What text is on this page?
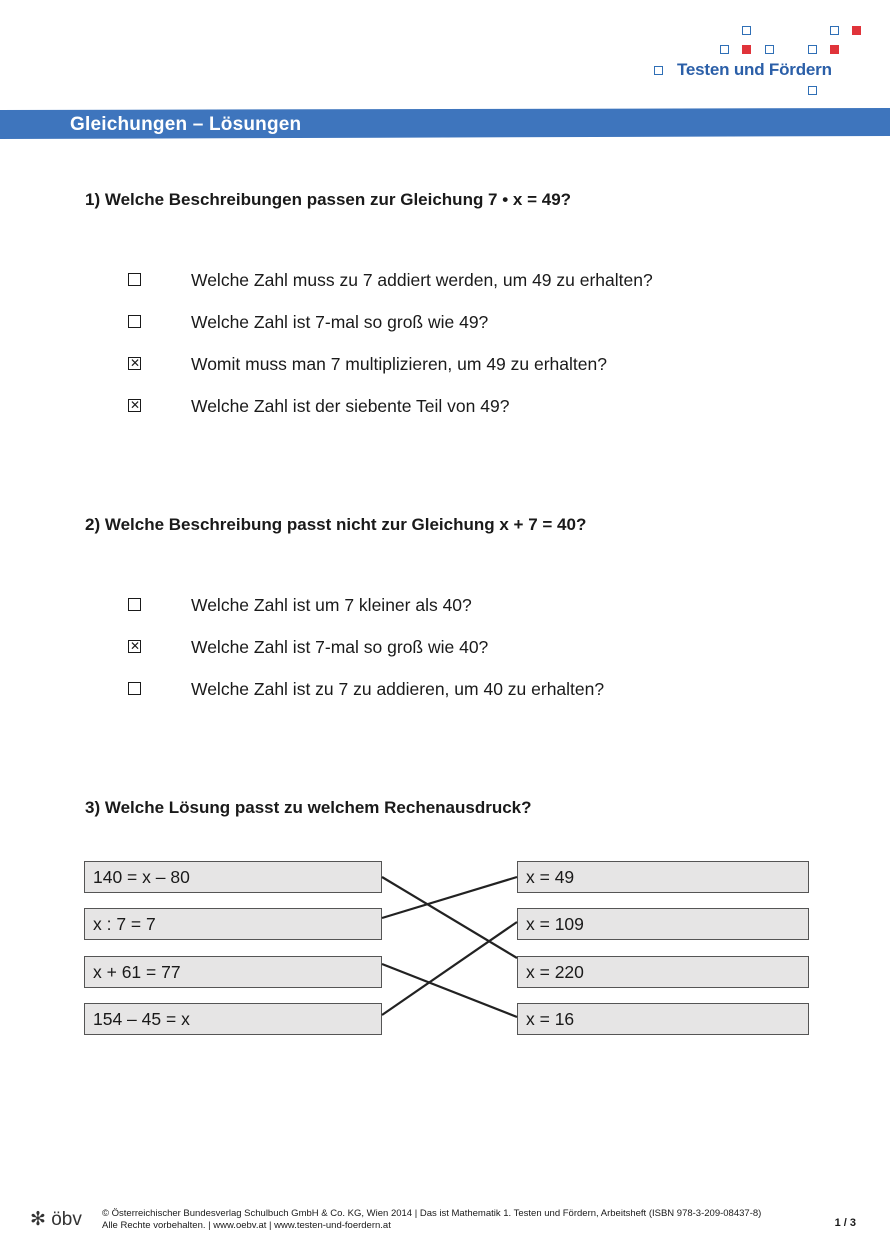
Testen und Fördern
Gleichungen – Lösungen
1) Welche Beschreibungen passen zur Gleichung 7 • x = 49?
Welche Zahl muss zu 7 addiert werden, um 49 zu erhalten?
Welche Zahl ist 7-mal so groß wie 49?
✕	Womit muss man 7 multiplizieren, um 49 zu erhalten?
✕	Welche Zahl ist der siebente Teil von 49?
2) Welche Beschreibung passt nicht zur Gleichung x + 7 = 40?
Welche Zahl ist um 7 kleiner als 40?
✕	Welche Zahl ist 7-mal so groß wie 40?
Welche Zahl ist zu 7 zu addieren, um 40 zu erhalten?
3) Welche Lösung passt zu welchem Rechenausdruck?
140 = x – 80
x : 7 = 7
x + 61 = 77
154 – 45 = x
x = 49
x = 109
x = 220
x = 16
✻ öbv © Österreichischer Bundesverlag Schulbuch GmbH & Co. KG, Wien 2014 | Das ist Mathematik 1. Testen und Fördern, Arbeitsheft (ISBN 978-3-209-08437-8)
Alle Rechte vorbehalten. | www.oebv.at | www.testen-und-foerdern.at	1 / 3
